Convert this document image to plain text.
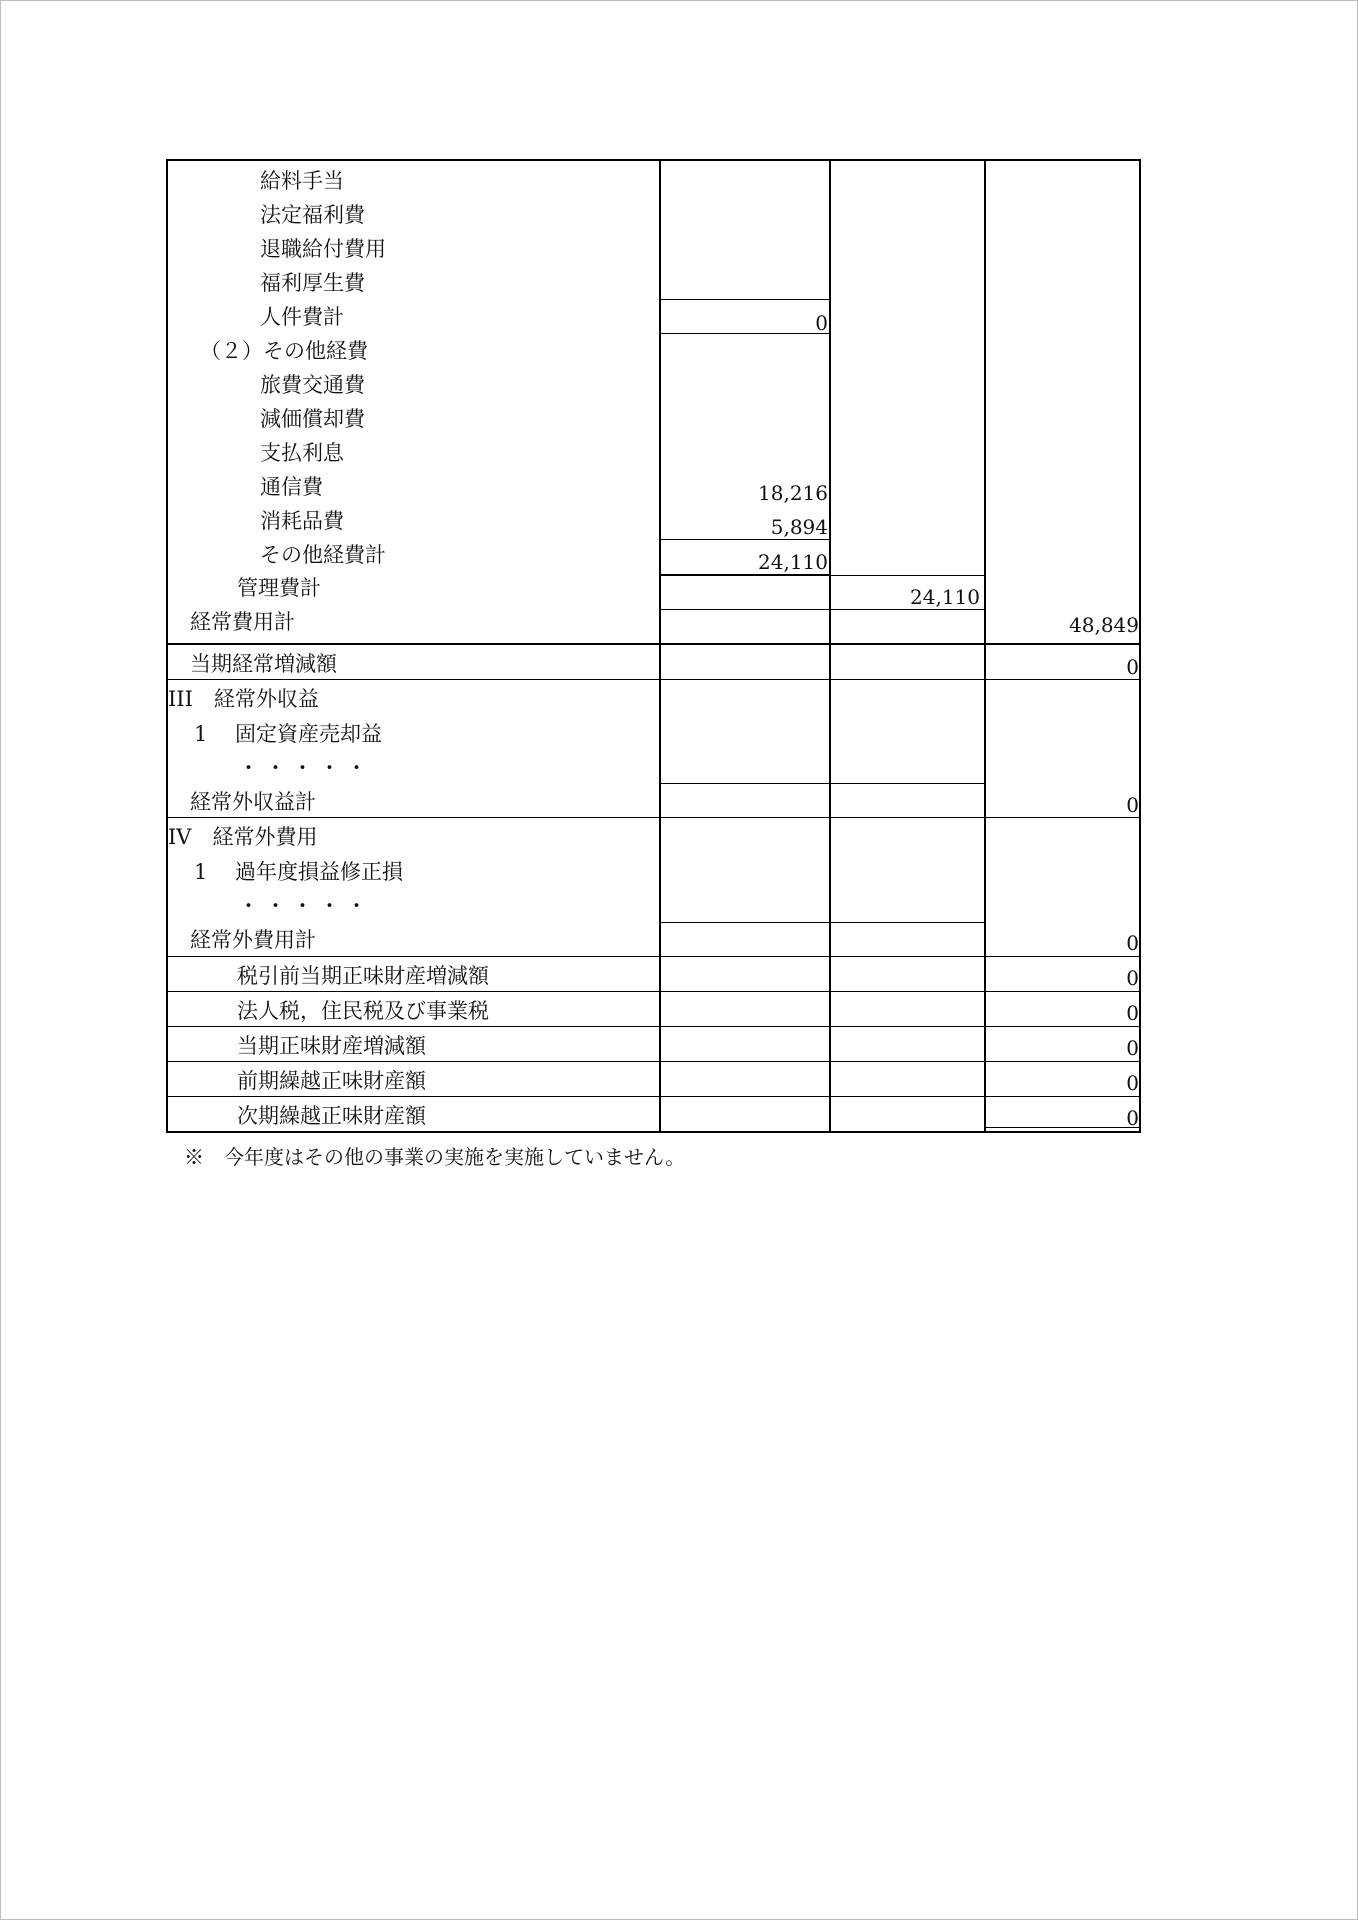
給料手当
法定福利費
退職給付費用
福利厚生費
人件費計
（２）その他経費
旅費交通費
減価償却費
支払利息
通信費
消耗品費
その他経費計
管理費計
経常費用計
当期経常増減額
III　経常外収益
1　 固定資産売却益
・・・・・
経常外収益計
IV　経常外費用
1　 過年度損益修正損
・・・・・
経常外費用計
税引前当期正味財産増減額
法人税，住民税及び事業税
当期正味財産増減額
前期繰越正味財産額
次期繰越正味財産額
0
18,216
5,894
24,110
24,110
48,849
0
0
0
0
0
0
0
0
※　今年度はその他の事業の実施を実施していません。
